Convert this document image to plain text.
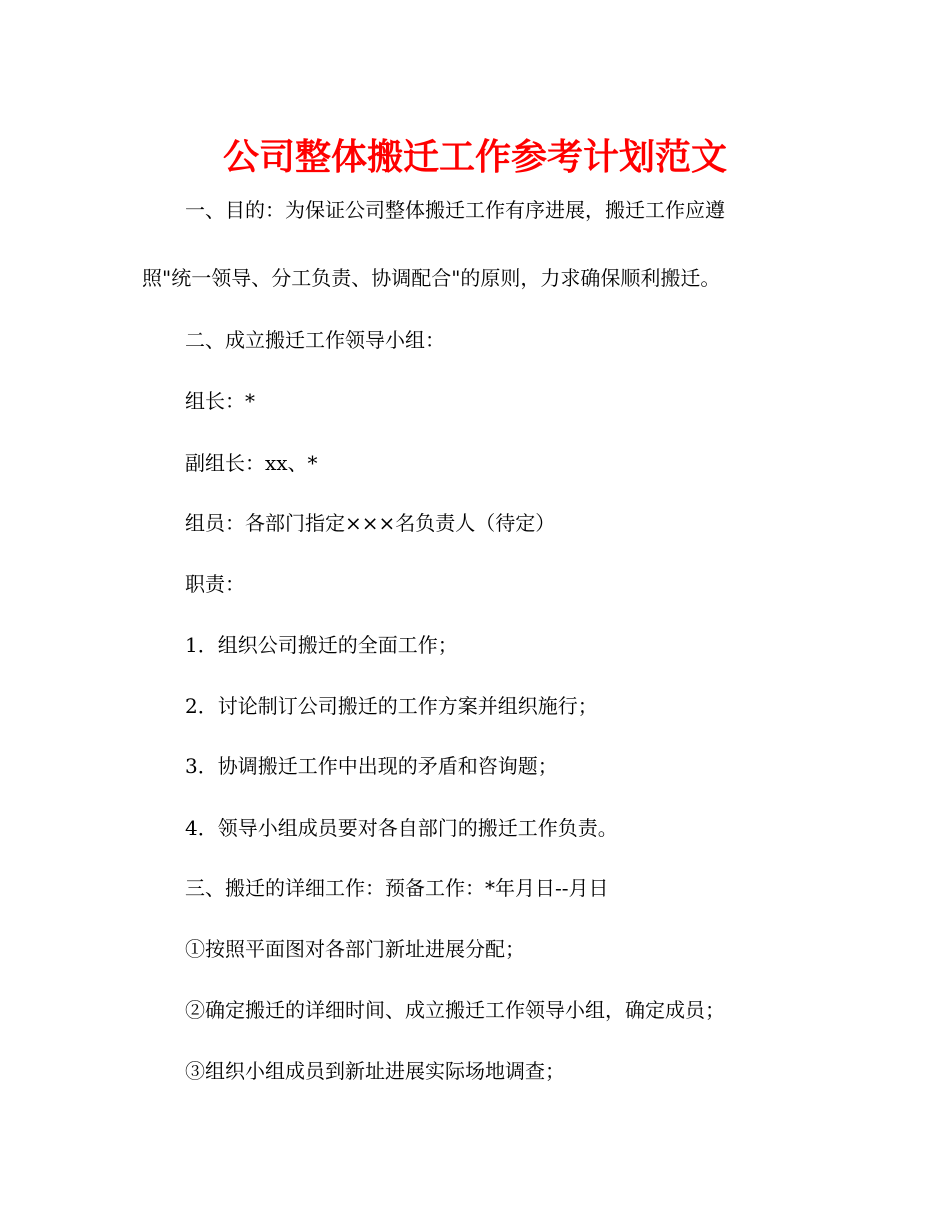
公司整体搬迁工作参考计划范文
一、目的：为保证公司整体搬迁工作有序进展，搬迁工作应遵
照"统一领导、分工负责、协调配合"的原则，力求确保顺利搬迁。
二、成立搬迁工作领导小组：
组长：*
副组长：xx、*
组员：各部门指定×××名负责人（待定）
职责：
1．组织公司搬迁的全面工作；
2．讨论制订公司搬迁的工作方案并组织施行；
3．协调搬迁工作中出现的矛盾和咨询题；
4．领导小组成员要对各自部门的搬迁工作负责。
三、搬迁的详细工作：预备工作：*年月日--月日
①按照平面图对各部门新址进展分配；
②确定搬迁的详细时间、成立搬迁工作领导小组，确定成员；
③组织小组成员到新址进展实际场地调查；
